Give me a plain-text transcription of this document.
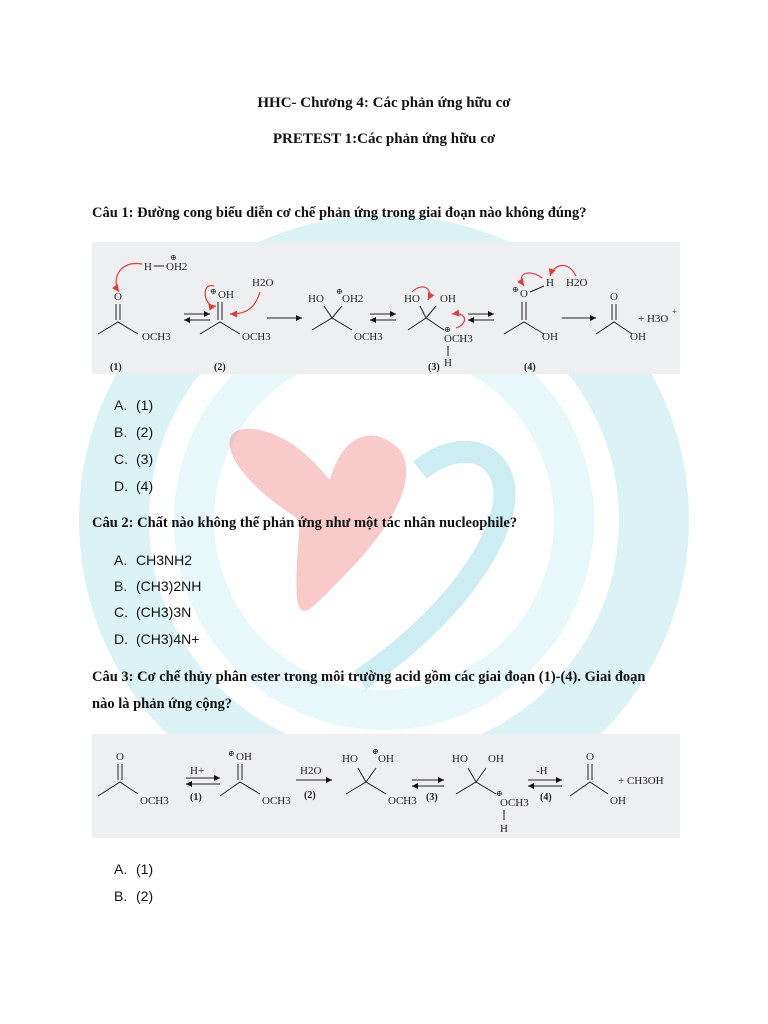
HHC- Chương 4: Các phản ứng hữu cơ
PRETEST 1:Các phản ứng hữu cơ
Câu 1: Đường cong biểu diễn cơ chế phản ứng trong giai đoạn nào không đúng?
H OH2
⊕
O
OCH3
(1)
⊕ OH
OCH3
H2O
(2)
HO
⊕
OH2
OCH3
HO OH
⊕
OCH3
H
(3)
⊕ O
H H2O
OH
(4)
O
OH
+ H3O
+
A. (1)
B. (2)
C. (3)
D. (4)
Câu 2: Chất nào không thể phản ứng như một tác nhân nucleophile?
A. CH3NH2
B. (CH3)2NH
C. (CH3)3N
D. (CH3)4N+
Câu 3: Cơ chế thủy phân ester trong môi trường acid gồm các giai đoạn (1)-(4). Giai đoạn
nào là phản ứng cộng?
O
OCH3
H+
(1)
⊕ OH
OCH3
H2O
(2)
HO
⊕
OH
OCH3 (3)
HO OH
⊕
OCH3
H
-H
(4)
O
OH
+ CH3OH
A. (1)
B. (2)
